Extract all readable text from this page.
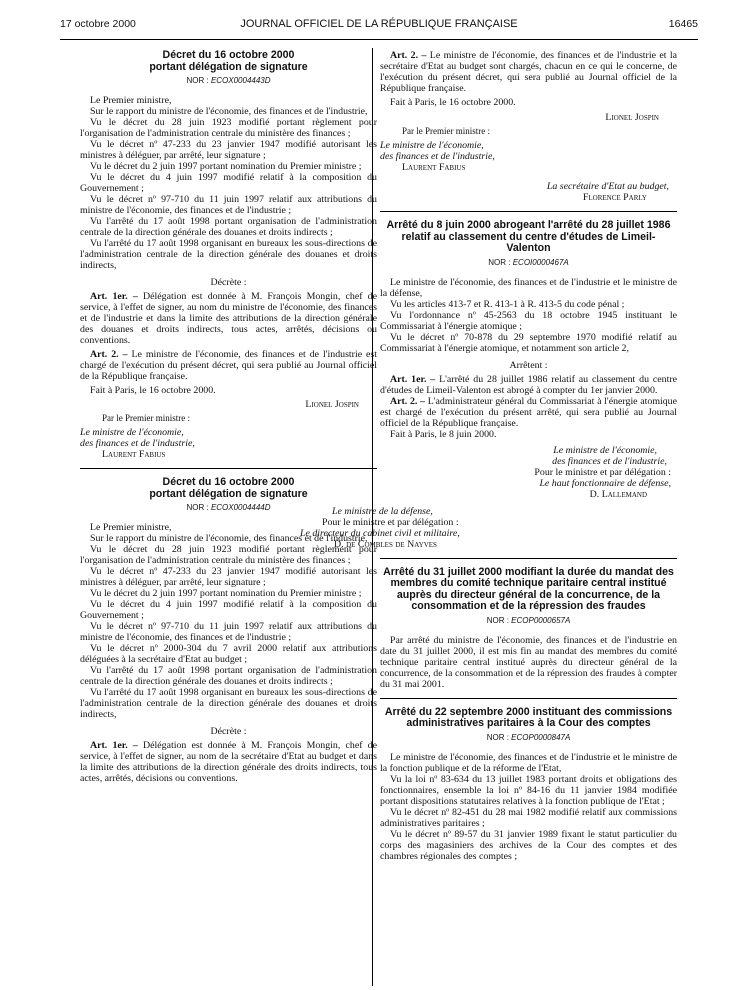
17 octobre 2000	JOURNAL OFFICIEL DE LA RÉPUBLIQUE FRANÇAISE	16465
Décret du 16 octobre 2000
portant délégation de signature
NOR : ECOX0004443D

Le Premier ministre,

Sur le rapport du ministre de l'économie, des finances et de l'industrie,

Vu le décret du 28 juin 1923 modifié portant règlement pour l'organisation de l'administration centrale du ministère des finances ;

Vu le décret nº 47-233 du 23 janvier 1947 modifié autorisant les ministres à déléguer, par arrêté, leur signature ;

Vu le décret du 2 juin 1997 portant nomination du Premier ministre ;

Vu le décret du 4 juin 1997 modifié relatif à la composition du Gouvernement ;

Vu le décret nº 97-710 du 11 juin 1997 relatif aux attributions du ministre de l'économie, des finances et de l'industrie ;

Vu l'arrêté du 17 août 1998 portant organisation de l'administration centrale de la direction générale des douanes et droits indirects ;

Vu l'arrêté du 17 août 1998 organisant en bureaux les sous-directions de l'administration centrale de la direction générale des douanes et droits indirects,

Décrète :

Art. 1er. – Délégation est donnée à M. François Mongin, chef de service, à l'effet de signer, au nom du ministre de l'économie, des finances et de l'industrie et dans la limite des attributions de la direction générale des douanes et droits indirects, tous actes, arrêtés, décisions ou conventions.

Art. 2. – Le ministre de l'économie, des finances et de l'industrie est chargé de l'exécution du présent décret, qui sera publié au Journal officiel de la République française.

Fait à Paris, le 16 octobre 2000.

Lionel Jospin
Par le Premier ministre :
Le ministre de l'économie,
des finances et de l'industrie,
Laurent Fabius
Décret du 16 octobre 2000
portant délégation de signature
NOR : ECOX0004444D

Le Premier ministre,

Sur le rapport du ministre de l'économie, des finances et de l'industrie,

Vu le décret du 28 juin 1923 modifié portant règlement pour l'organisation de l'administration centrale du ministère des finances ;

Vu le décret nº 47-233 du 23 janvier 1947 modifié autorisant les ministres à déléguer, par arrêté, leur signature ;

Vu le décret du 2 juin 1997 portant nomination du Premier ministre ;

Vu le décret du 4 juin 1997 modifié relatif à la composition du Gouvernement ;

Vu le décret nº 97-710 du 11 juin 1997 relatif aux attributions du ministre de l'économie, des finances et de l'industrie ;

Vu le décret nº 2000-304 du 7 avril 2000 relatif aux attributions déléguées à la secrétaire d'Etat au budget ;

Vu l'arrêté du 17 août 1998 portant organisation de l'administration centrale de la direction générale des douanes et droits indirects ;

Vu l'arrêté du 17 août 1998 organisant en bureaux les sous-directions de l'administration centrale de la direction générale des douanes et droits indirects,

Décrète :

Art. 1er. – Délégation est donnée à M. François Mongin, chef de service, à l'effet de signer, au nom de la secrétaire d'Etat au budget et dans la limite des attributions de la direction générale des droits indirects, tous actes, arrêtés, décisions ou conventions.

Art. 2. – Le ministre de l'économie, des finances et de l'industrie et la secrétaire d'Etat au budget sont chargés, chacun en ce qui le concerne, de l'exécution du présent décret, qui sera publié au Journal officiel de la République française.

Fait à Paris, le 16 octobre 2000.

Lionel Jospin
Par le Premier ministre :
Le ministre de l'économie,
des finances et de l'industrie,
Laurent Fabius
La secrétaire d'Etat au budget,
Florence Parly
Arrêté du 8 juin 2000 abrogeant l'arrêté du 28 juillet 1986 relatif au classement du centre d'études de Limeil-Valenton
NOR : ECOI0000467A

Le ministre de l'économie, des finances et de l'industrie et le ministre de la défense,

Vu les articles 413-7 et R. 413-1 à R. 413-5 du code pénal ;

Vu l'ordonnance nº 45-2563 du 18 octobre 1945 instituant le Commissariat à l'énergie atomique ;

Vu le décret nº 70-878 du 29 septembre 1970 modifié relatif au Commissariat à l'énergie atomique, et notamment son article 2,

Arrêtent :

Art. 1er. – L'arrêté du 28 juillet 1986 relatif au classement du centre d'études de Limeil-Valenton est abrogé à compter du 1er janvier 2000.

Art. 2. – L'administrateur général du Commissariat à l'énergie atomique est chargé de l'exécution du présent arrêté, qui sera publié au Journal officiel de la République française.

Fait à Paris, le 8 juin 2000.

Le ministre de l'économie,
des finances et de l'industrie,
Pour le ministre et par délégation :
Le haut fonctionnaire de défense,
D. Lallemand
Le ministre de la défense,
Pour le ministre et par délégation :
Le directeur du cabinet civil et militaire,
D. de Combles de Nayves
Arrêté du 31 juillet 2000 modifiant la durée du mandat des membres du comité technique paritaire central institué auprès du directeur général de la concurrence, de la consommation et de la répression des fraudes
NOR : ECOP0000657A

Par arrêté du ministre de l'économie, des finances et de l'industrie en date du 31 juillet 2000, il est mis fin au mandat des membres du comité technique paritaire central institué auprès du directeur général de la concurrence, de la consommation et de la répression des fraudes à compter du 31 mai 2001.

Arrêté du 22 septembre 2000 instituant des commissions administratives paritaires à la Cour des comptes
NOR : ECOP0000847A

Le ministre de l'économie, des finances et de l'industrie et le ministre de la fonction publique et de la réforme de l'Etat,

Vu la loi nº 83-634 du 13 juillet 1983 portant droits et obligations des fonctionnaires, ensemble la loi nº 84-16 du 11 janvier 1984 modifiée portant dispositions statutaires relatives à la fonction publique de l'Etat ;

Vu le décret nº 82-451 du 28 mai 1982 modifié relatif aux commissions administratives paritaires ;

Vu le décret nº 89-57 du 31 janvier 1989 fixant le statut particulier du corps des magasiniers des archives de la Cour des comptes et des chambres régionales des comptes ;
